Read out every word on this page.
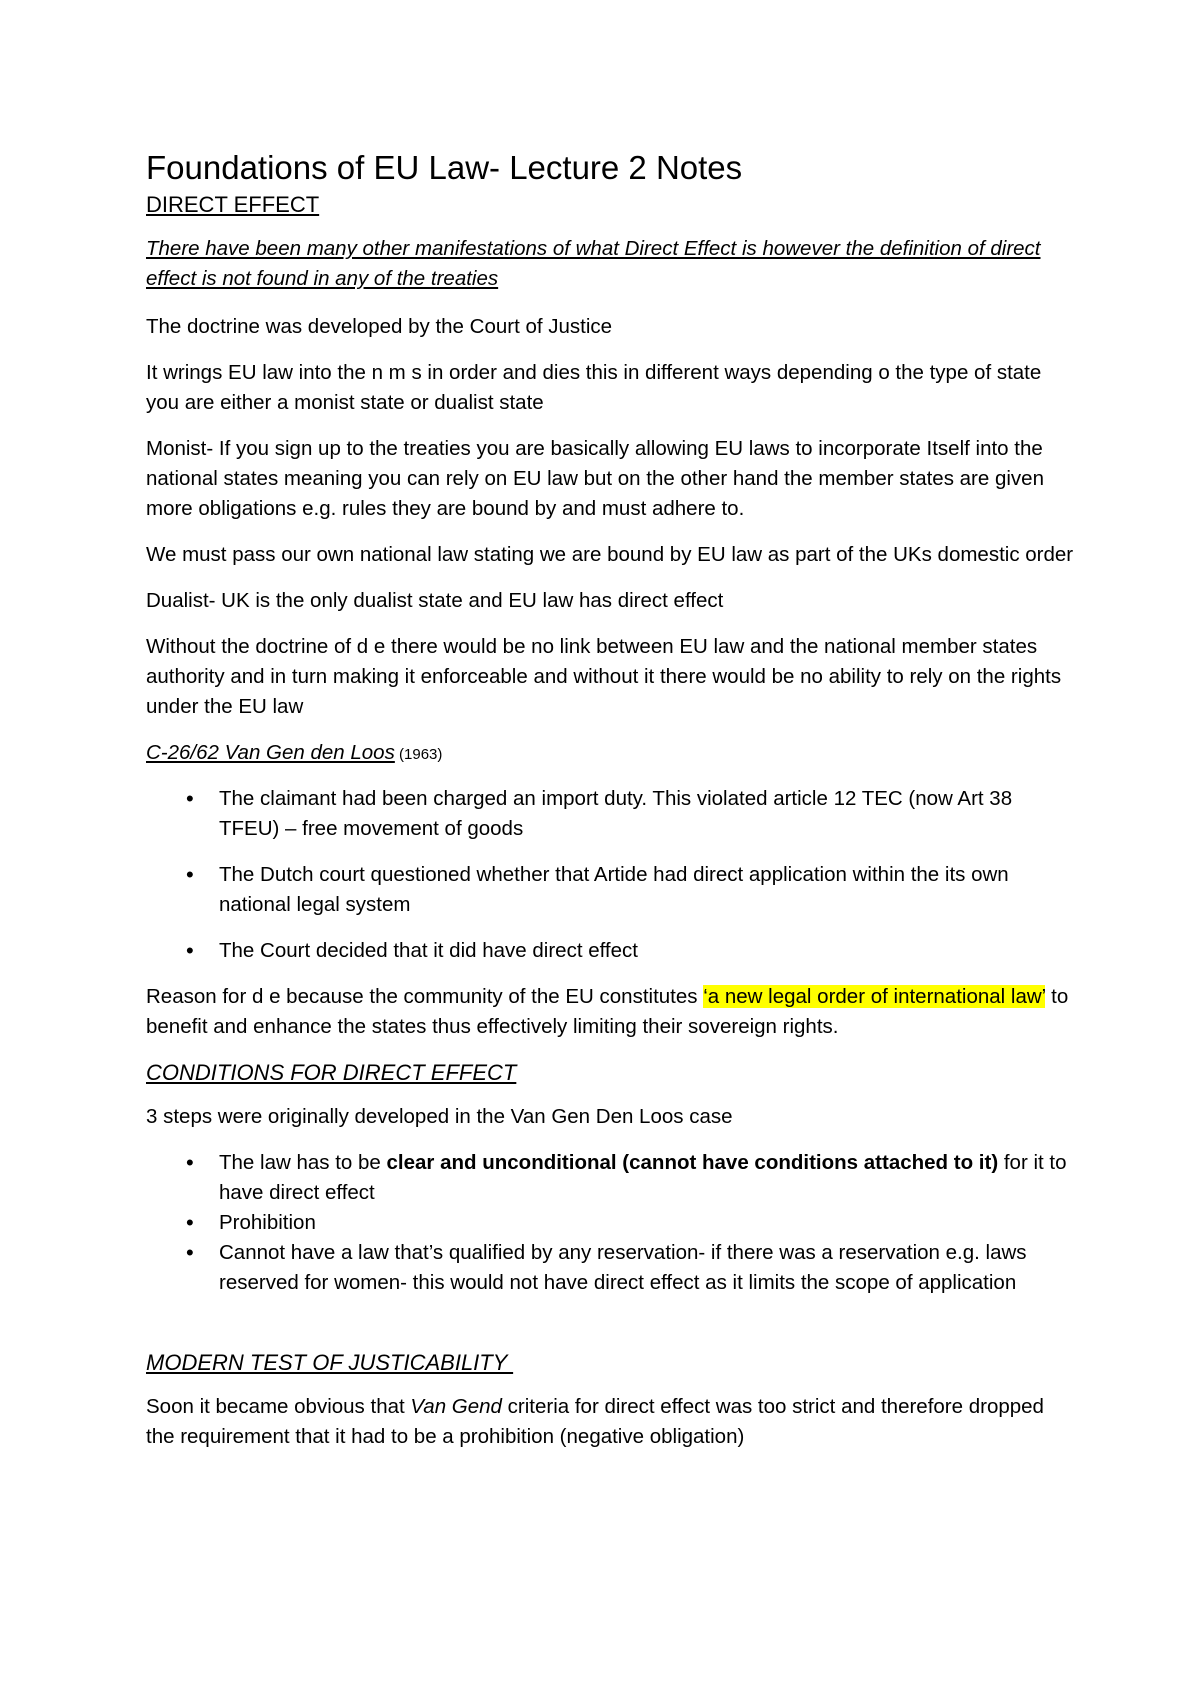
Foundations of EU Law- Lecture 2 Notes
DIRECT EFFECT

There have been many other manifestations of what Direct Effect is however the definition of direct effect is not found in any of the treaties

The doctrine was developed by the Court of Justice

It wrings EU law into the n m s in order and dies this in different ways depending o the type of state you are either a monist state or dualist state

Monist- If you sign up to the treaties you are basically allowing EU laws to incorporate Itself into the national states meaning you can rely on EU law but on the other hand the member states are given more obligations e.g. rules they are bound by and must adhere to.

We must pass our own national law stating we are bound by EU law as part of the UKs domestic order

Dualist- UK is the only dualist state and EU law has direct effect

Without the doctrine of d e there would be no link between EU law and the national member states authority and in turn making it enforceable and without it there would be no ability to rely on the rights under the EU law

C-26/62 Van Gen den Loos (1963)

• The claimant had been charged an import duty. This violated article 12 TEC (now Art 38 TFEU) – free movement of goods
• The Dutch court questioned whether that Artide had direct application within the its own national legal system
• The Court decided that it did have direct effect

Reason for d e because the community of the EU constitutes ‘a new legal order of international law’ to benefit and enhance the states thus effectively limiting their sovereign rights.

CONDITIONS FOR DIRECT EFFECT

3 steps were originally developed in the Van Gen Den Loos case

• The law has to be clear and unconditional (cannot have conditions attached to it) for it to have direct effect
• Prohibition
• Cannot have a law that’s qualified by any reservation- if there was a reservation e.g. laws reserved for women- this would not have direct effect as it limits the scope of application
MODERN TEST OF JUSTICABILITY

Soon it became obvious that Van Gend criteria for direct effect was too strict and therefore dropped the requirement that it had to be a prohibition (negative obligation)
